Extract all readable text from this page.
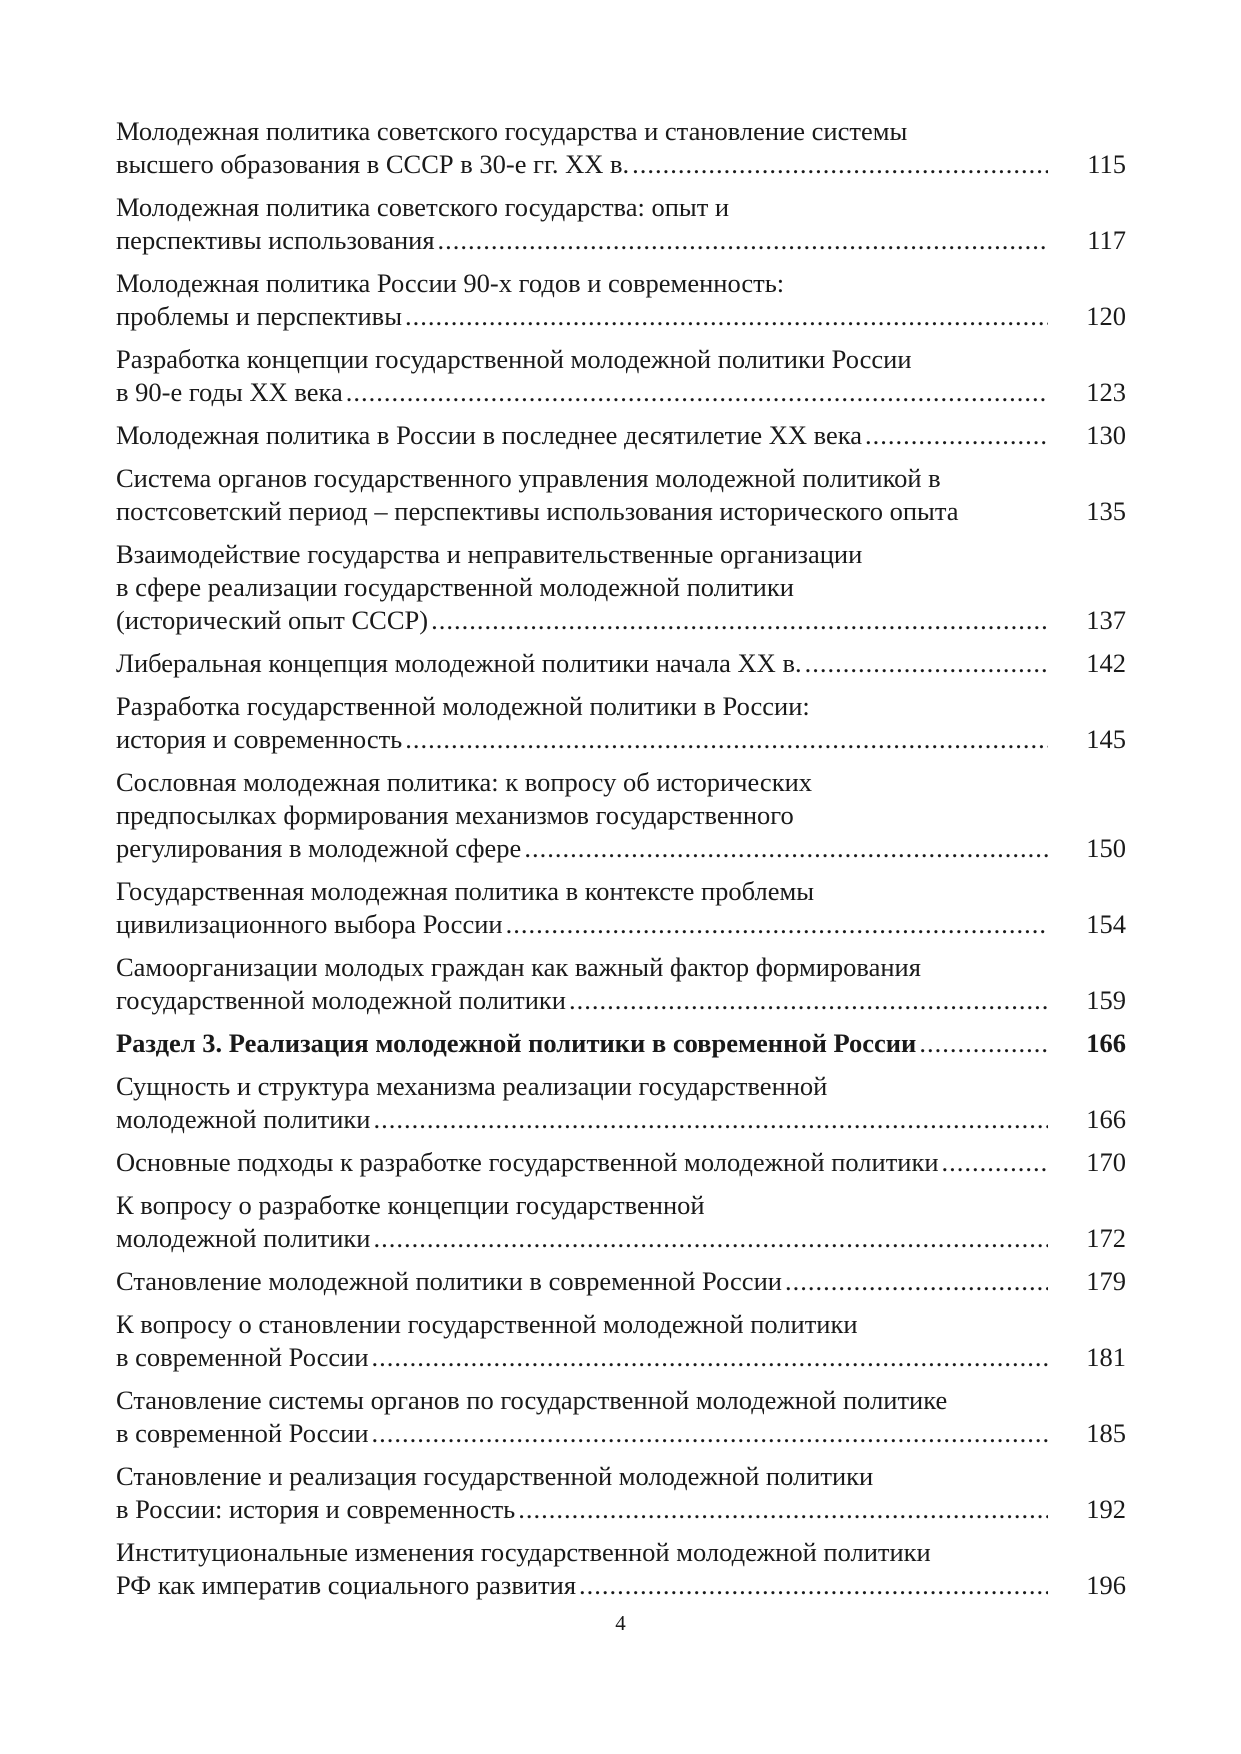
Молодежная политика советского государства и становление системы
высшего образования в СССР в 30-е гг. XX в. .....	115
Молодежная политика советского государства: опыт и
перспективы использования .....	117
Молодежная политика России 90-х годов и современность:
проблемы и перспективы .....	120
Разработка концепции государственной молодежной политики России
в 90-е годы XX века .....	123
Молодежная политика в России в последнее десятилетие XX века .....	130
Система органов государственного управления молодежной политикой в
постсоветский период – перспективы использования исторического опыта	135
Взаимодействие государства и неправительственные организации
в сфере реализации государственной молодежной политики
(исторический опыт СССР) .....	137
Либеральная концепция молодежной политики начала XX в. .....	142
Разработка государственной молодежной политики в России:
история и современность .....	145
Сословная молодежная политика: к вопросу об исторических
предпосылках формирования механизмов государственного
регулирования в молодежной сфере .....	150
Государственная молодежная политика в контексте проблемы
цивилизационного выбора России .....	154
Самоорганизации молодых граждан как важный фактор формирования
государственной молодежной политики .....	159
Раздел 3. Реализация молодежной политики в современной России .....	166
Сущность и структура механизма реализации государственной
молодежной политики .....	166
Основные подходы к разработке государственной молодежной политики .....	170
К вопросу о разработке концепции государственной
молодежной политики .....	172
Становление молодежной политики в современной России .....	179
К вопросу о становлении государственной молодежной политики
в современной России .....	181
Становление системы органов по государственной молодежной политике
в современной России .....	185
Становление и реализация государственной молодежной политики
в России: история и современность .....	192
Институциональные изменения государственной молодежной политики
РФ как императив социального развития .....	196
4
